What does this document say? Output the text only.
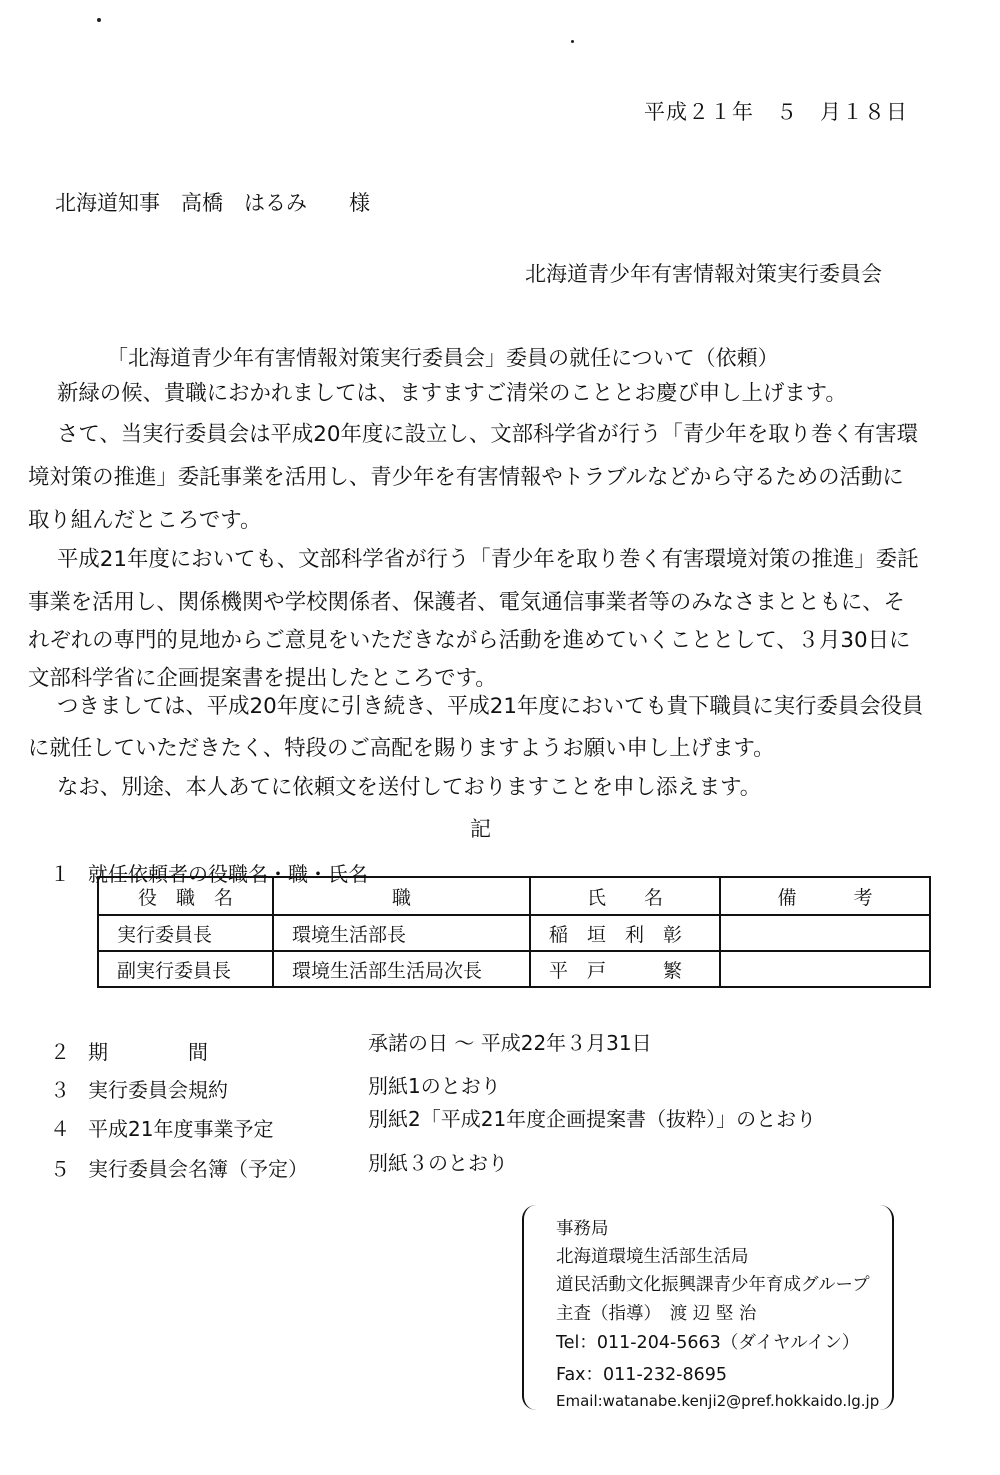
平成２１年　５　月１８日
北海道知事　高橋　はるみ　　様
北海道青少年有害情報対策実行委員会
「北海道青少年有害情報対策実行委員会」委員の就任について（依頼）
新緑の候、貴職におかれましては、ますますご清栄のこととお慶び申し上げます。
さて、当実行委員会は平成20年度に設立し、文部科学省が行う「青少年を取り巻く有害環
境対策の推進」委託事業を活用し、青少年を有害情報やトラブルなどから守るための活動に
取り組んだところです。
平成21年度においても、文部科学省が行う「青少年を取り巻く有害環境対策の推進」委託
事業を活用し、関係機関や学校関係者、保護者、電気通信事業者等のみなさまとともに、そ
れぞれの専門的見地からご意見をいただきながら活動を進めていくこととして、３月30日に
文部科学省に企画提案書を提出したところです。
つきましては、平成20年度に引き続き、平成21年度においても貴下職員に実行委員会役員
に就任していただきたく、特段のご高配を賜りますようお願い申し上げます。
なお、別途、本人あてに依頼文を送付しておりますことを申し添えます。
記
１ 就任依頼者の役職名・職・氏名
役　職　名	職	氏　　名	備　　　考
実行委員長	環境生活部長	稲　垣　利　彰	
副実行委員長	環境生活部生活局次長	平　戸　　　繁	
２ 期　　　　間	承諾の日 ～ 平成22年３月31日
３ 実行委員会規約	別紙1のとおり
４ 平成21年度事業予定	別紙2「平成21年度企画提案書（抜粋）」のとおり
５ 実行委員会名簿（予定）	別紙３のとおり
事務局
北海道環境生活部生活局
道民活動文化振興課青少年育成グループ
主査（指導）　渡 辺 堅 治
Tel：011-204-5663（ダイヤルイン）
Fax：011-232-8695
Email:watanabe.kenji2@pref.hokkaido.lg.jp
